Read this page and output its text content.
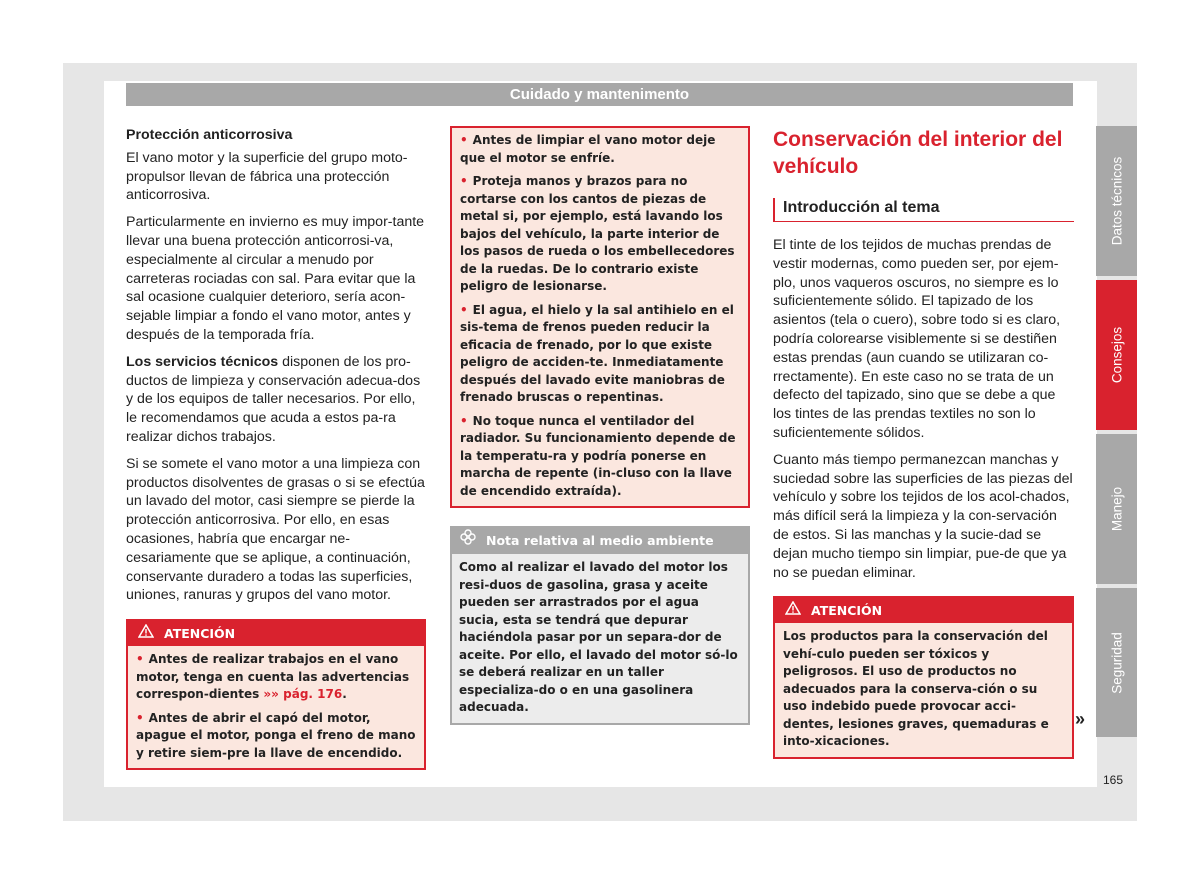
Cuidado y mantenimento
Protección anticorrosiva

El vano motor y la superficie del grupo moto-propulsor llevan de fábrica una protección anticorrosiva.

Particularmente en invierno es muy impor-tante llevar una buena protección anticorrosi-va, especialmente al circular a menudo por carreteras rociadas con sal. Para evitar que la sal ocasione cualquier deterioro, sería acon-sejable limpiar a fondo el vano motor, antes y después de la temporada fría.

Los servicios técnicos disponen de los pro-ductos de limpieza y conservación adecua-dos y de los equipos de taller necesarios. Por ello, le recomendamos que acuda a estos pa-ra realizar dichos trabajos.

Si se somete el vano motor a una limpieza con productos disolventes de grasas o si se efectúa un lavado del motor, casi siempre se pierde la protección anticorrosiva. Por ello, en esas ocasiones, habría que encargar ne-cesariamente que se aplique, a continuación, conservante duradero a todas las superficies, uniones, ranuras y grupos del vano motor.

ATENCIÓN
• Antes de realizar trabajos en el vano motor, tenga en cuenta las advertencias correspon-dientes »» pág. 176.
• Antes de abrir el capó del motor, apague el motor, ponga el freno de mano y retire siem-pre la llave de encendido.
• Antes de limpiar el vano motor deje que el motor se enfríe.
• Proteja manos y brazos para no cortarse con los cantos de piezas de metal si, por ejemplo, está lavando los bajos del vehículo, la parte interior de los pasos de rueda o los embellecedores de la ruedas. De lo contrario existe peligro de lesionarse.
• El agua, el hielo y la sal antihielo en el sis-tema de frenos pueden reducir la eficacia de frenado, por lo que existe peligro de acciden-te. Inmediatamente después del lavado evite maniobras de frenado bruscas o repentinas.
• No toque nunca el ventilador del radiador. Su funcionamiento depende de la temperatu-ra y podría ponerse en marcha de repente (in-cluso con la llave de encendido extraída).
Nota relativa al medio ambiente
Como al realizar el lavado del motor los resi-duos de gasolina, grasa y aceite pueden ser arrastrados por el agua sucia, esta se tendrá que depurar haciéndola pasar por un separa-dor de aceite. Por ello, el lavado del motor só-lo se deberá realizar en un taller especializa-do o en una gasolinera adecuada.
Conservación del interior del vehículo
Introducción al tema

El tinte de los tejidos de muchas prendas de vestir modernas, como pueden ser, por ejem-plo, unos vaqueros oscuros, no siempre es lo suficientemente sólido. El tapizado de los asientos (tela o cuero), sobre todo si es claro, podría colorearse visiblemente si se destiñen estas prendas (aun cuando se utilizaran co-rrectamente). En este caso no se trata de un defecto del tapizado, sino que se debe a que los tintes de las prendas textiles no son lo suficientemente sólidos.

Cuanto más tiempo permanezcan manchas y suciedad sobre las superficies de las piezas del vehículo y sobre los tejidos de los acol-chados, más difícil será la limpieza y la con-servación de estos. Si las manchas y la sucie-dad se dejan mucho tiempo sin limpiar, pue-de que ya no se puedan eliminar.

ATENCIÓN
Los productos para la conservación del vehí-culo pueden ser tóxicos y peligrosos. El uso de productos no adecuados para la conserva-ción o su uso indebido puede provocar acci-dentes, lesiones graves, quemaduras e into-xicaciones.
»
Datos técnicos
Consejos
Manejo
Seguridad
165
